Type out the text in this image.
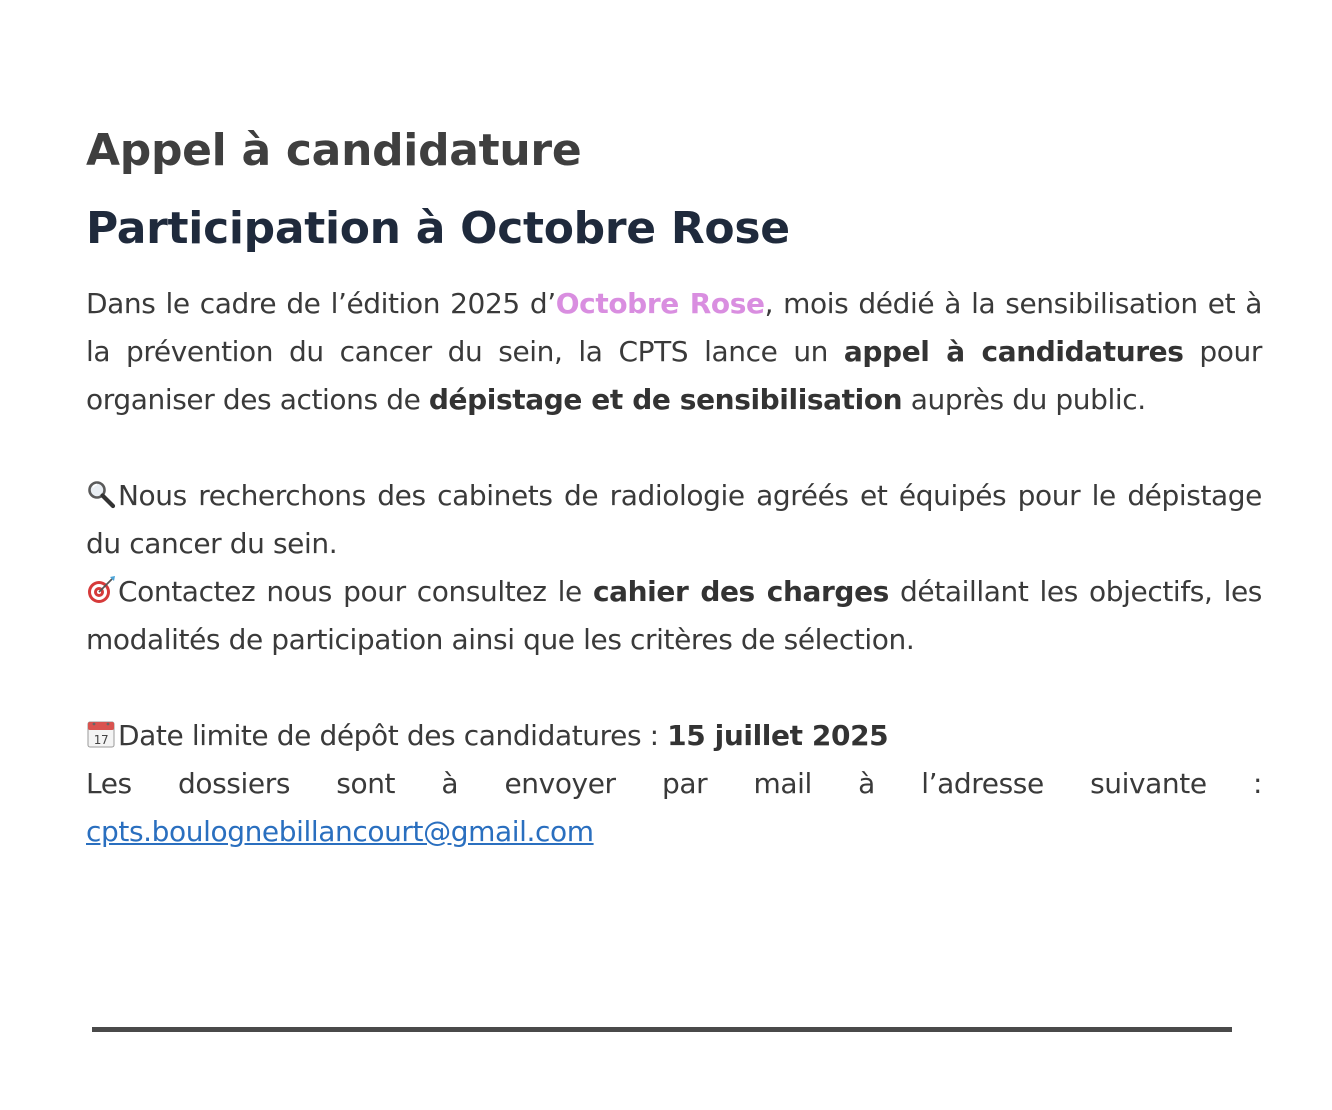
Appel à candidature
Participation à Octobre Rose

Dans le cadre de l’édition 2025 d’Octobre Rose, mois dédié à la sensibilisation et à la prévention du cancer du sein, la CPTS lance un appel à candidatures pour organiser des actions de dépistage et de sensibilisation auprès du public.

Nous recherchons des cabinets de radiologie agréés et équipés pour le dépistage du cancer du sein.
Contactez nous pour consultez le cahier des charges détaillant les objectifs, les modalités de participation ainsi que les critères de sélection.

17 Date limite de dépôt des candidatures : 15 juillet 2025
Les dossiers sont à envoyer par mail à l’adresse suivante :
cpts.boulognebillancourt@gmail.com
